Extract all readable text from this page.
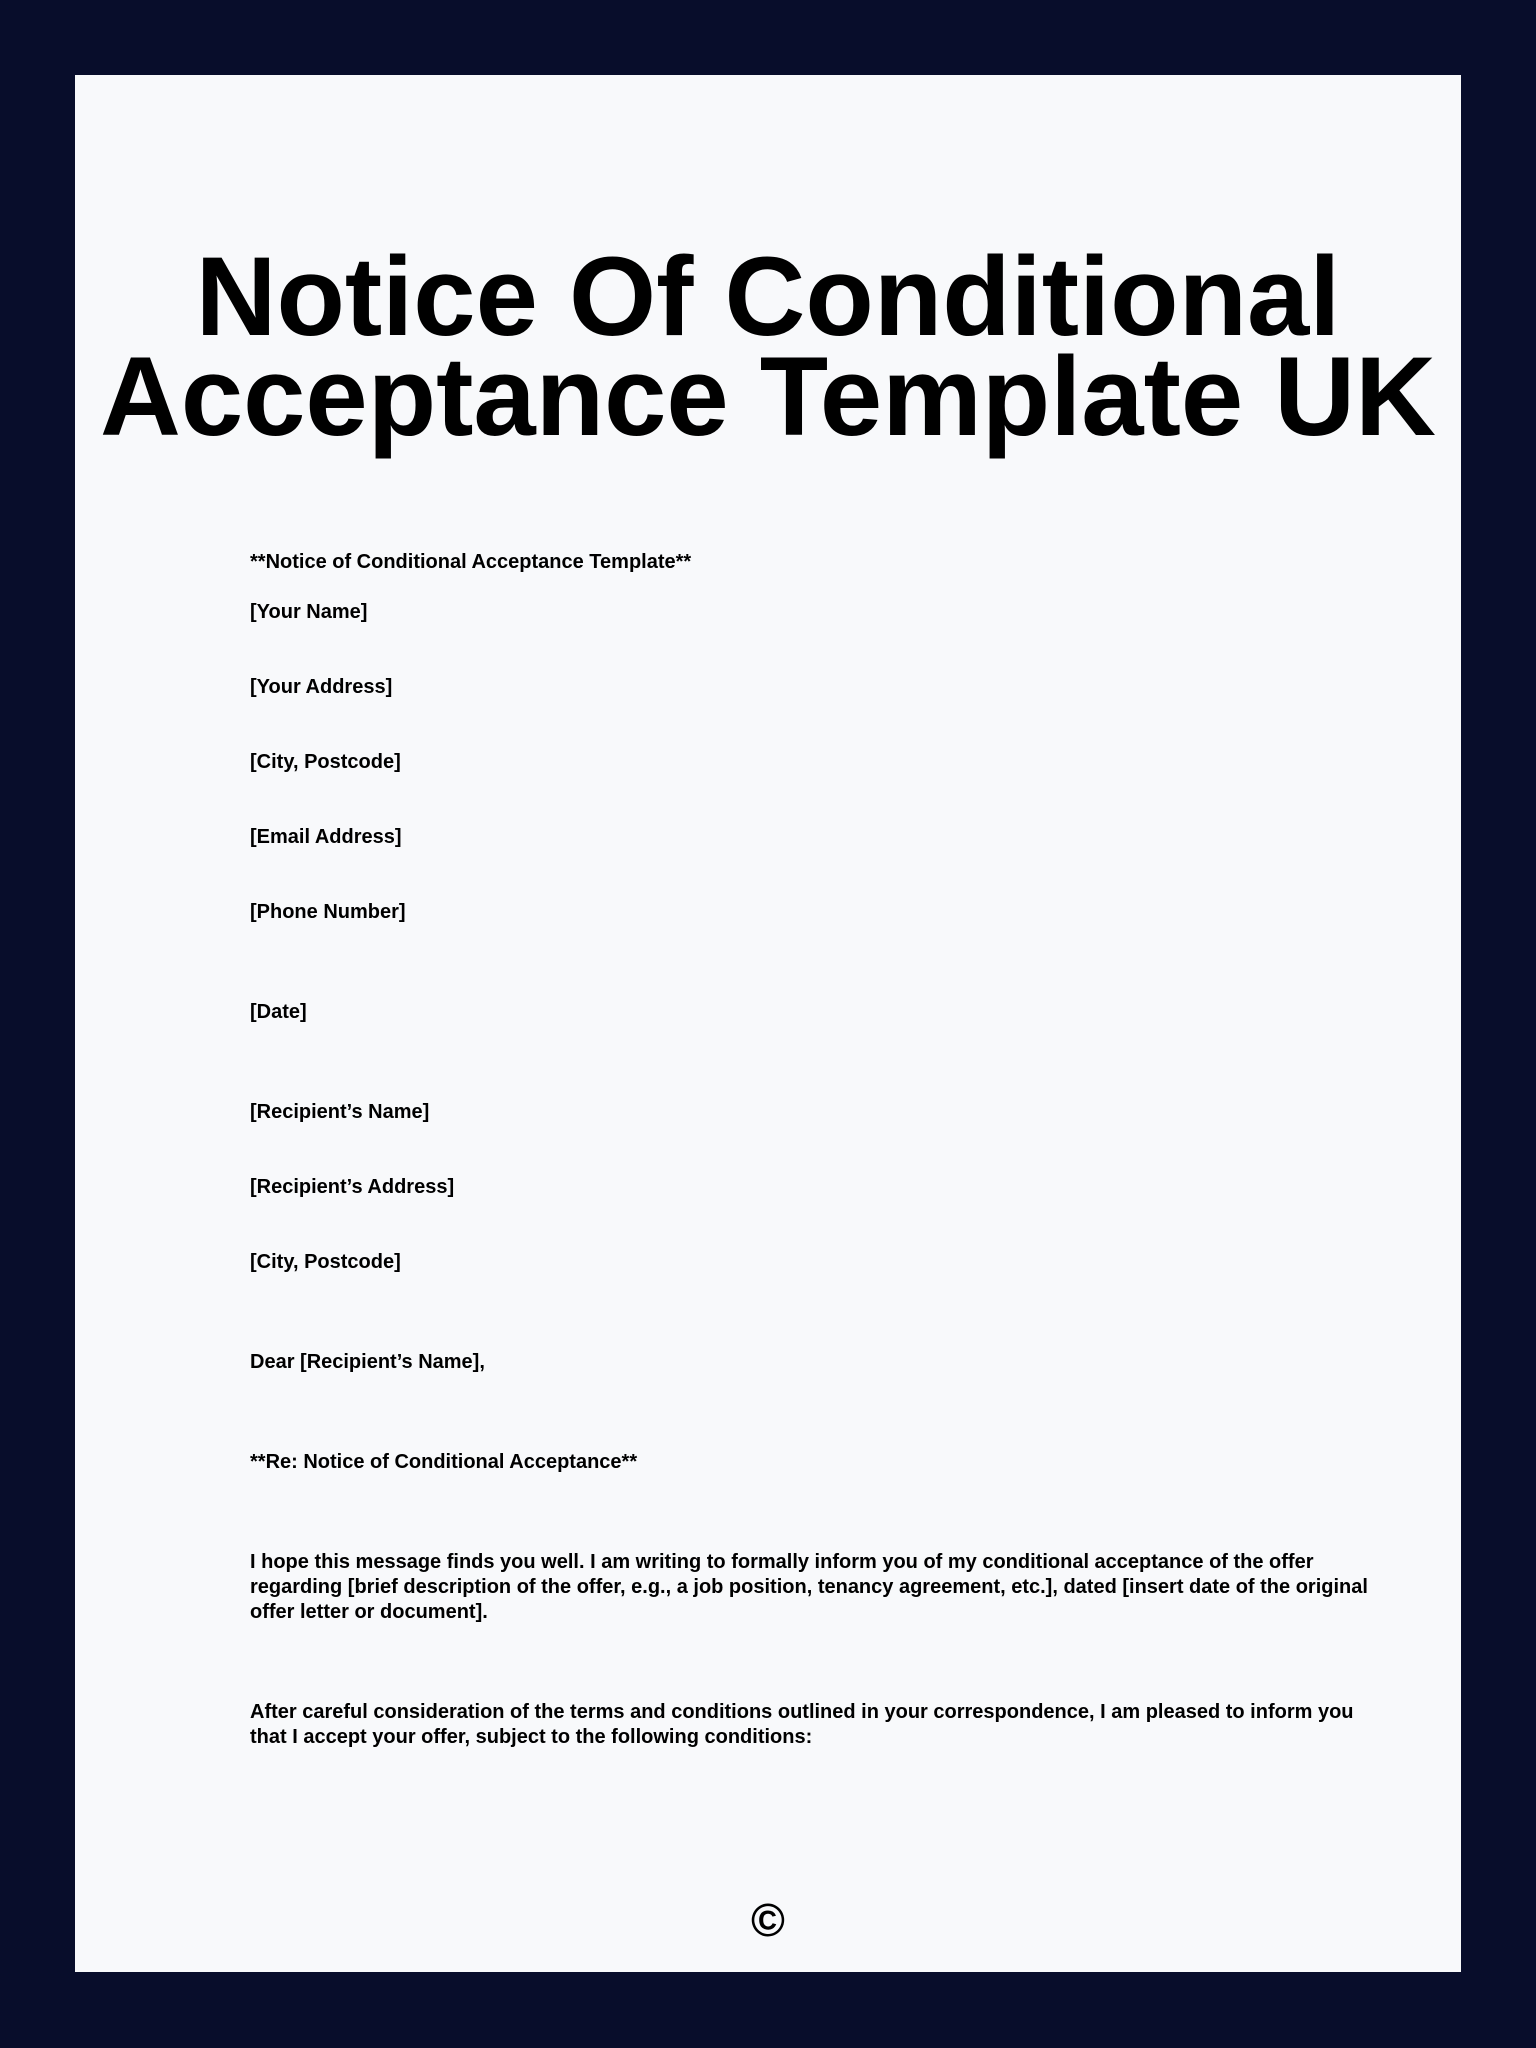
Notice Of Conditional
Acceptance Template UK

**Notice of Conditional Acceptance Template**

[Your Name]

[Your Address]

[City, Postcode]

[Email Address]

[Phone Number]

[Date]

[Recipient’s Name]

[Recipient’s Address]

[City, Postcode]

Dear [Recipient’s Name],

**Re: Notice of Conditional Acceptance**

I hope this message finds you well. I am writing to formally inform you of my conditional acceptance of the offer regarding [brief description of the offer, e.g., a job position, tenancy agreement, etc.], dated [insert date of the original offer letter or document].

After careful consideration of the terms and conditions outlined in your correspondence, I am pleased to inform you that I accept your offer, subject to the following conditions:

©
